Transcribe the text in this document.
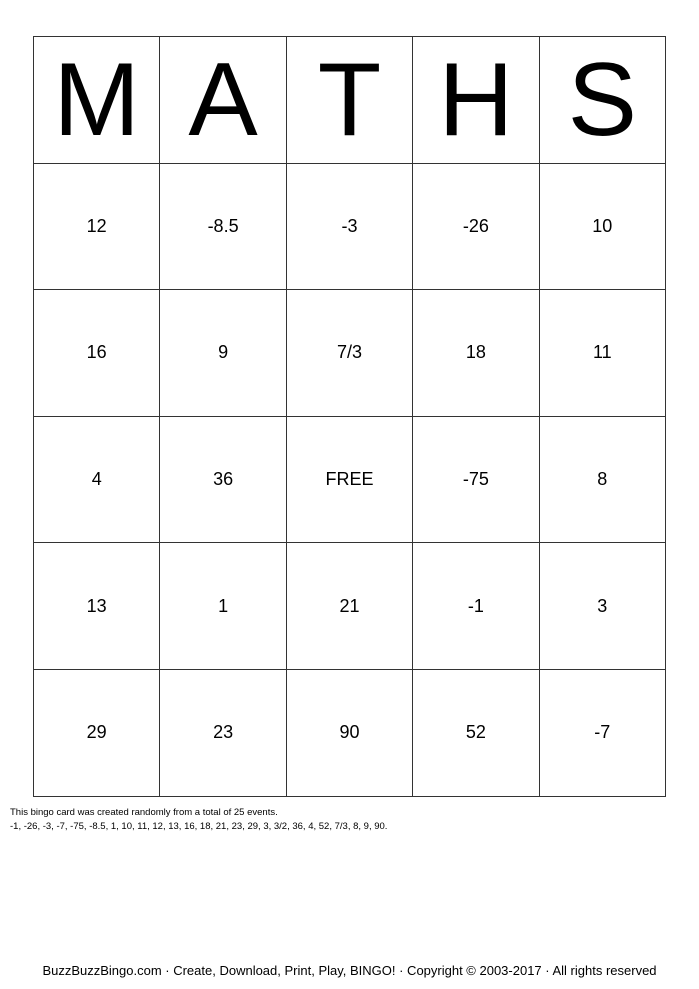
M	A	T	H	S
12	-8.5	-3	-26	10
16	9	7/3	18	11
4	36	FREE	-75	8
13	1	21	-1	3
29	23	90	52	-7
This bingo card was created randomly from a total of 25 events.
-1, -26, -3, -7, -75, -8.5, 1, 10, 11, 12, 13, 16, 18, 21, 23, 29, 3, 3/2, 36, 4, 52, 7/3, 8, 9, 90.
BuzzBuzzBingo.com · Create, Download, Print, Play, BINGO! · Copyright © 2003-2017 · All rights reserved
